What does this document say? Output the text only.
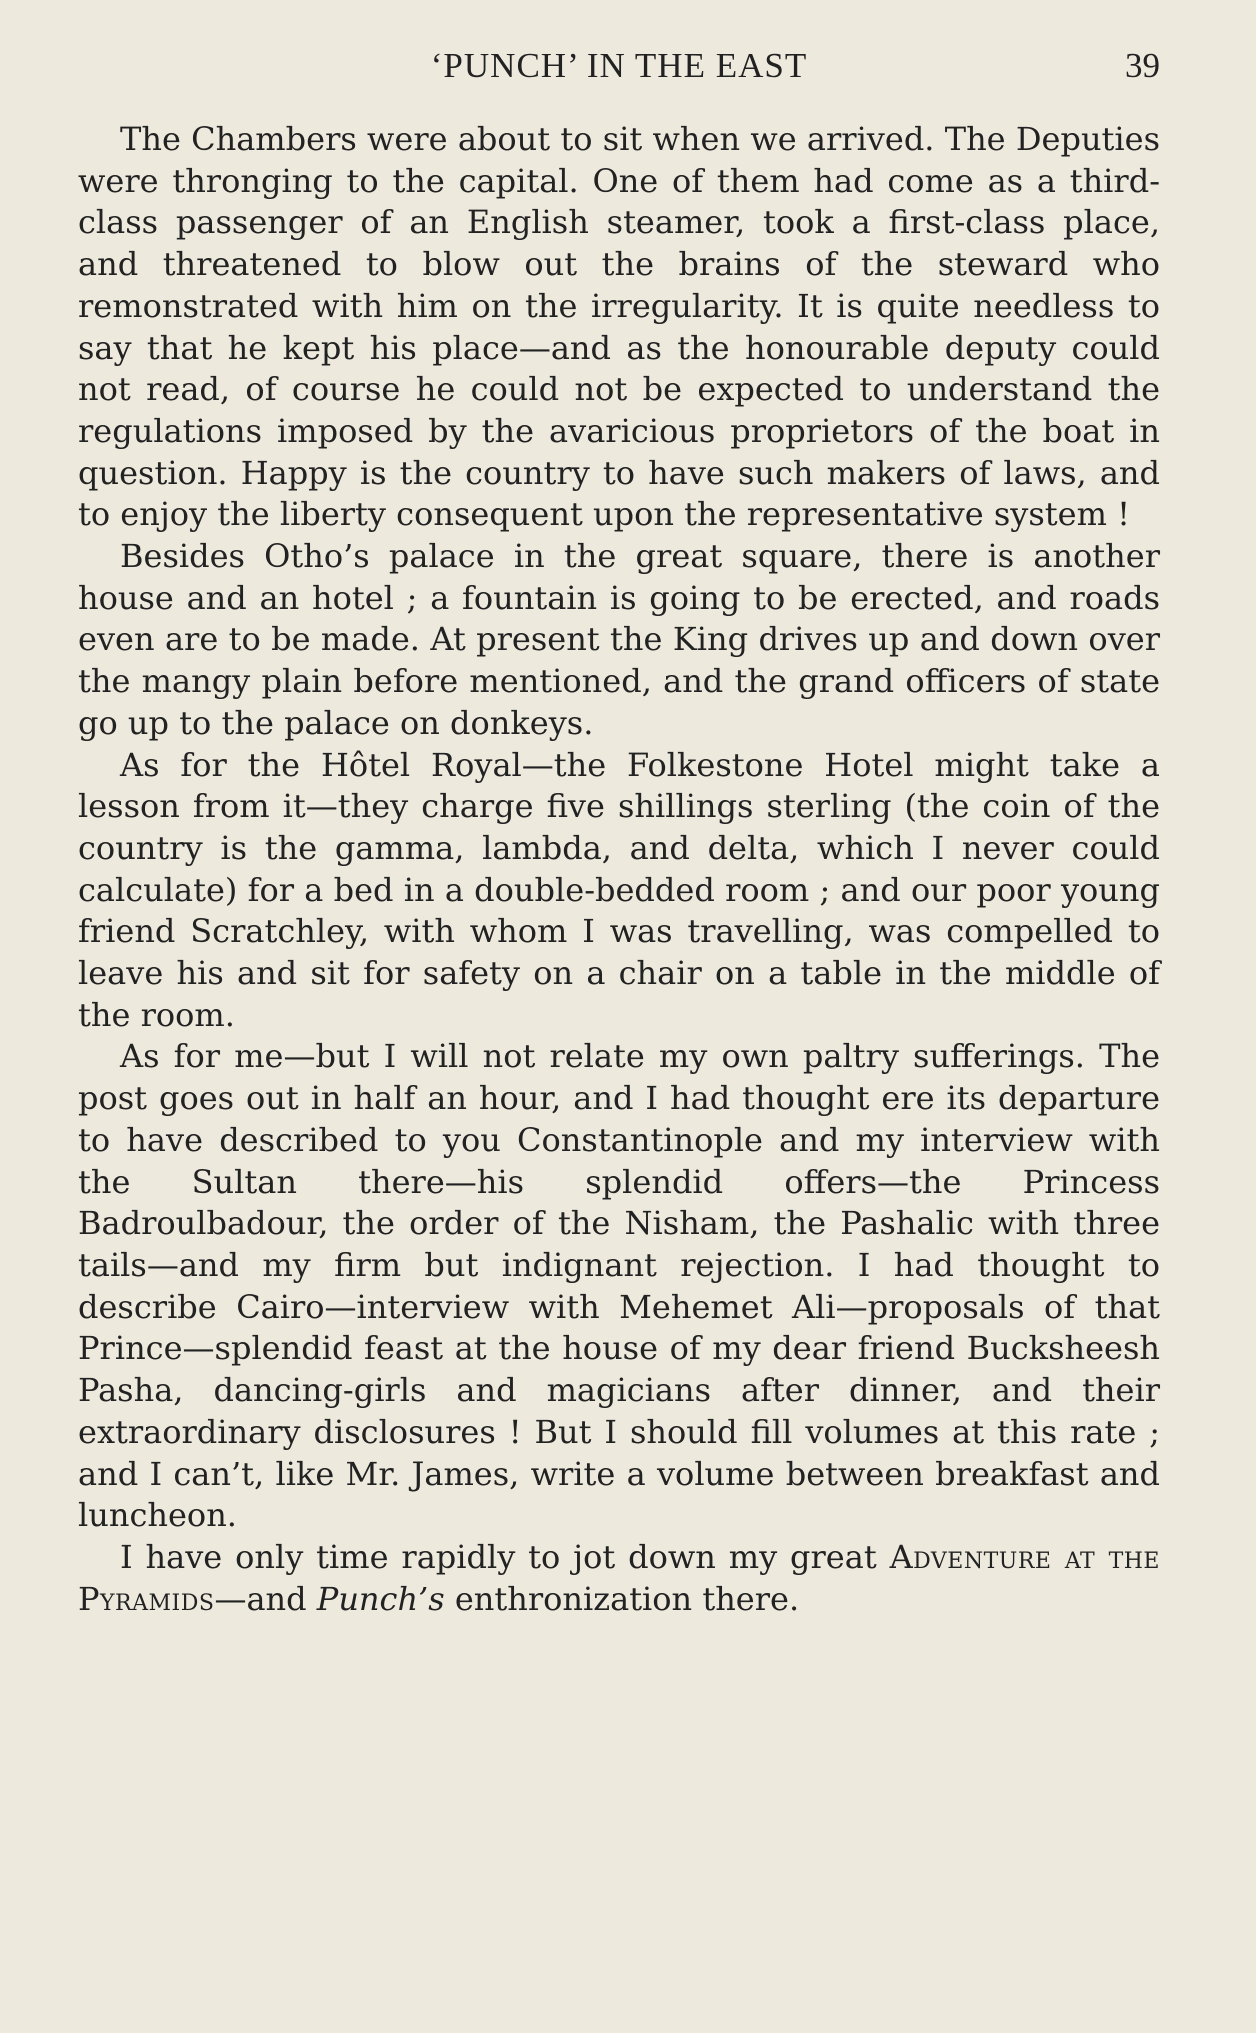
‘PUNCH’ IN THE EAST	39

The Chambers were about to sit when we arrived. The Deputies were thronging to the capital. One of them had come as a third-class passenger of an English steamer, took a first-class place, and threatened to blow out the brains of the steward who remonstrated with him on the irregularity. It is quite needless to say that he kept his place—and as the honourable deputy could not read, of course he could not be expected to understand the regulations imposed by the avaricious proprietors of the boat in question. Happy is the country to have such makers of laws, and to enjoy the liberty consequent upon the representative system !

Besides Otho’s palace in the great square, there is another house and an hotel ; a fountain is going to be erected, and roads even are to be made. At present the King drives up and down over the mangy plain before mentioned, and the grand officers of state go up to the palace on donkeys.

As for the Hôtel Royal—the Folkestone Hotel might take a lesson from it—they charge five shillings sterling (the coin of the country is the gamma, lambda, and delta, which I never could calculate) for a bed in a double-bedded room ; and our poor young friend Scratchley, with whom I was travelling, was compelled to leave his and sit for safety on a chair on a table in the middle of the room.

As for me—but I will not relate my own paltry sufferings. The post goes out in half an hour, and I had thought ere its departure to have described to you Constantinople and my interview with the Sultan there—his splendid offers—the Princess Badroulbadour, the order of the Nisham, the Pashalic with three tails—and my firm but indignant rejection. I had thought to describe Cairo—interview with Mehemet Ali—proposals of that Prince—splendid feast at the house of my dear friend Bucksheesh Pasha, dancing-girls and magicians after dinner, and their extraordinary disclosures ! But I should fill volumes at this rate ; and I can’t, like Mr. James, write a volume between breakfast and luncheon.

I have only time rapidly to jot down my great Adventure at the Pyramids—and Punch’s enthronization there.
